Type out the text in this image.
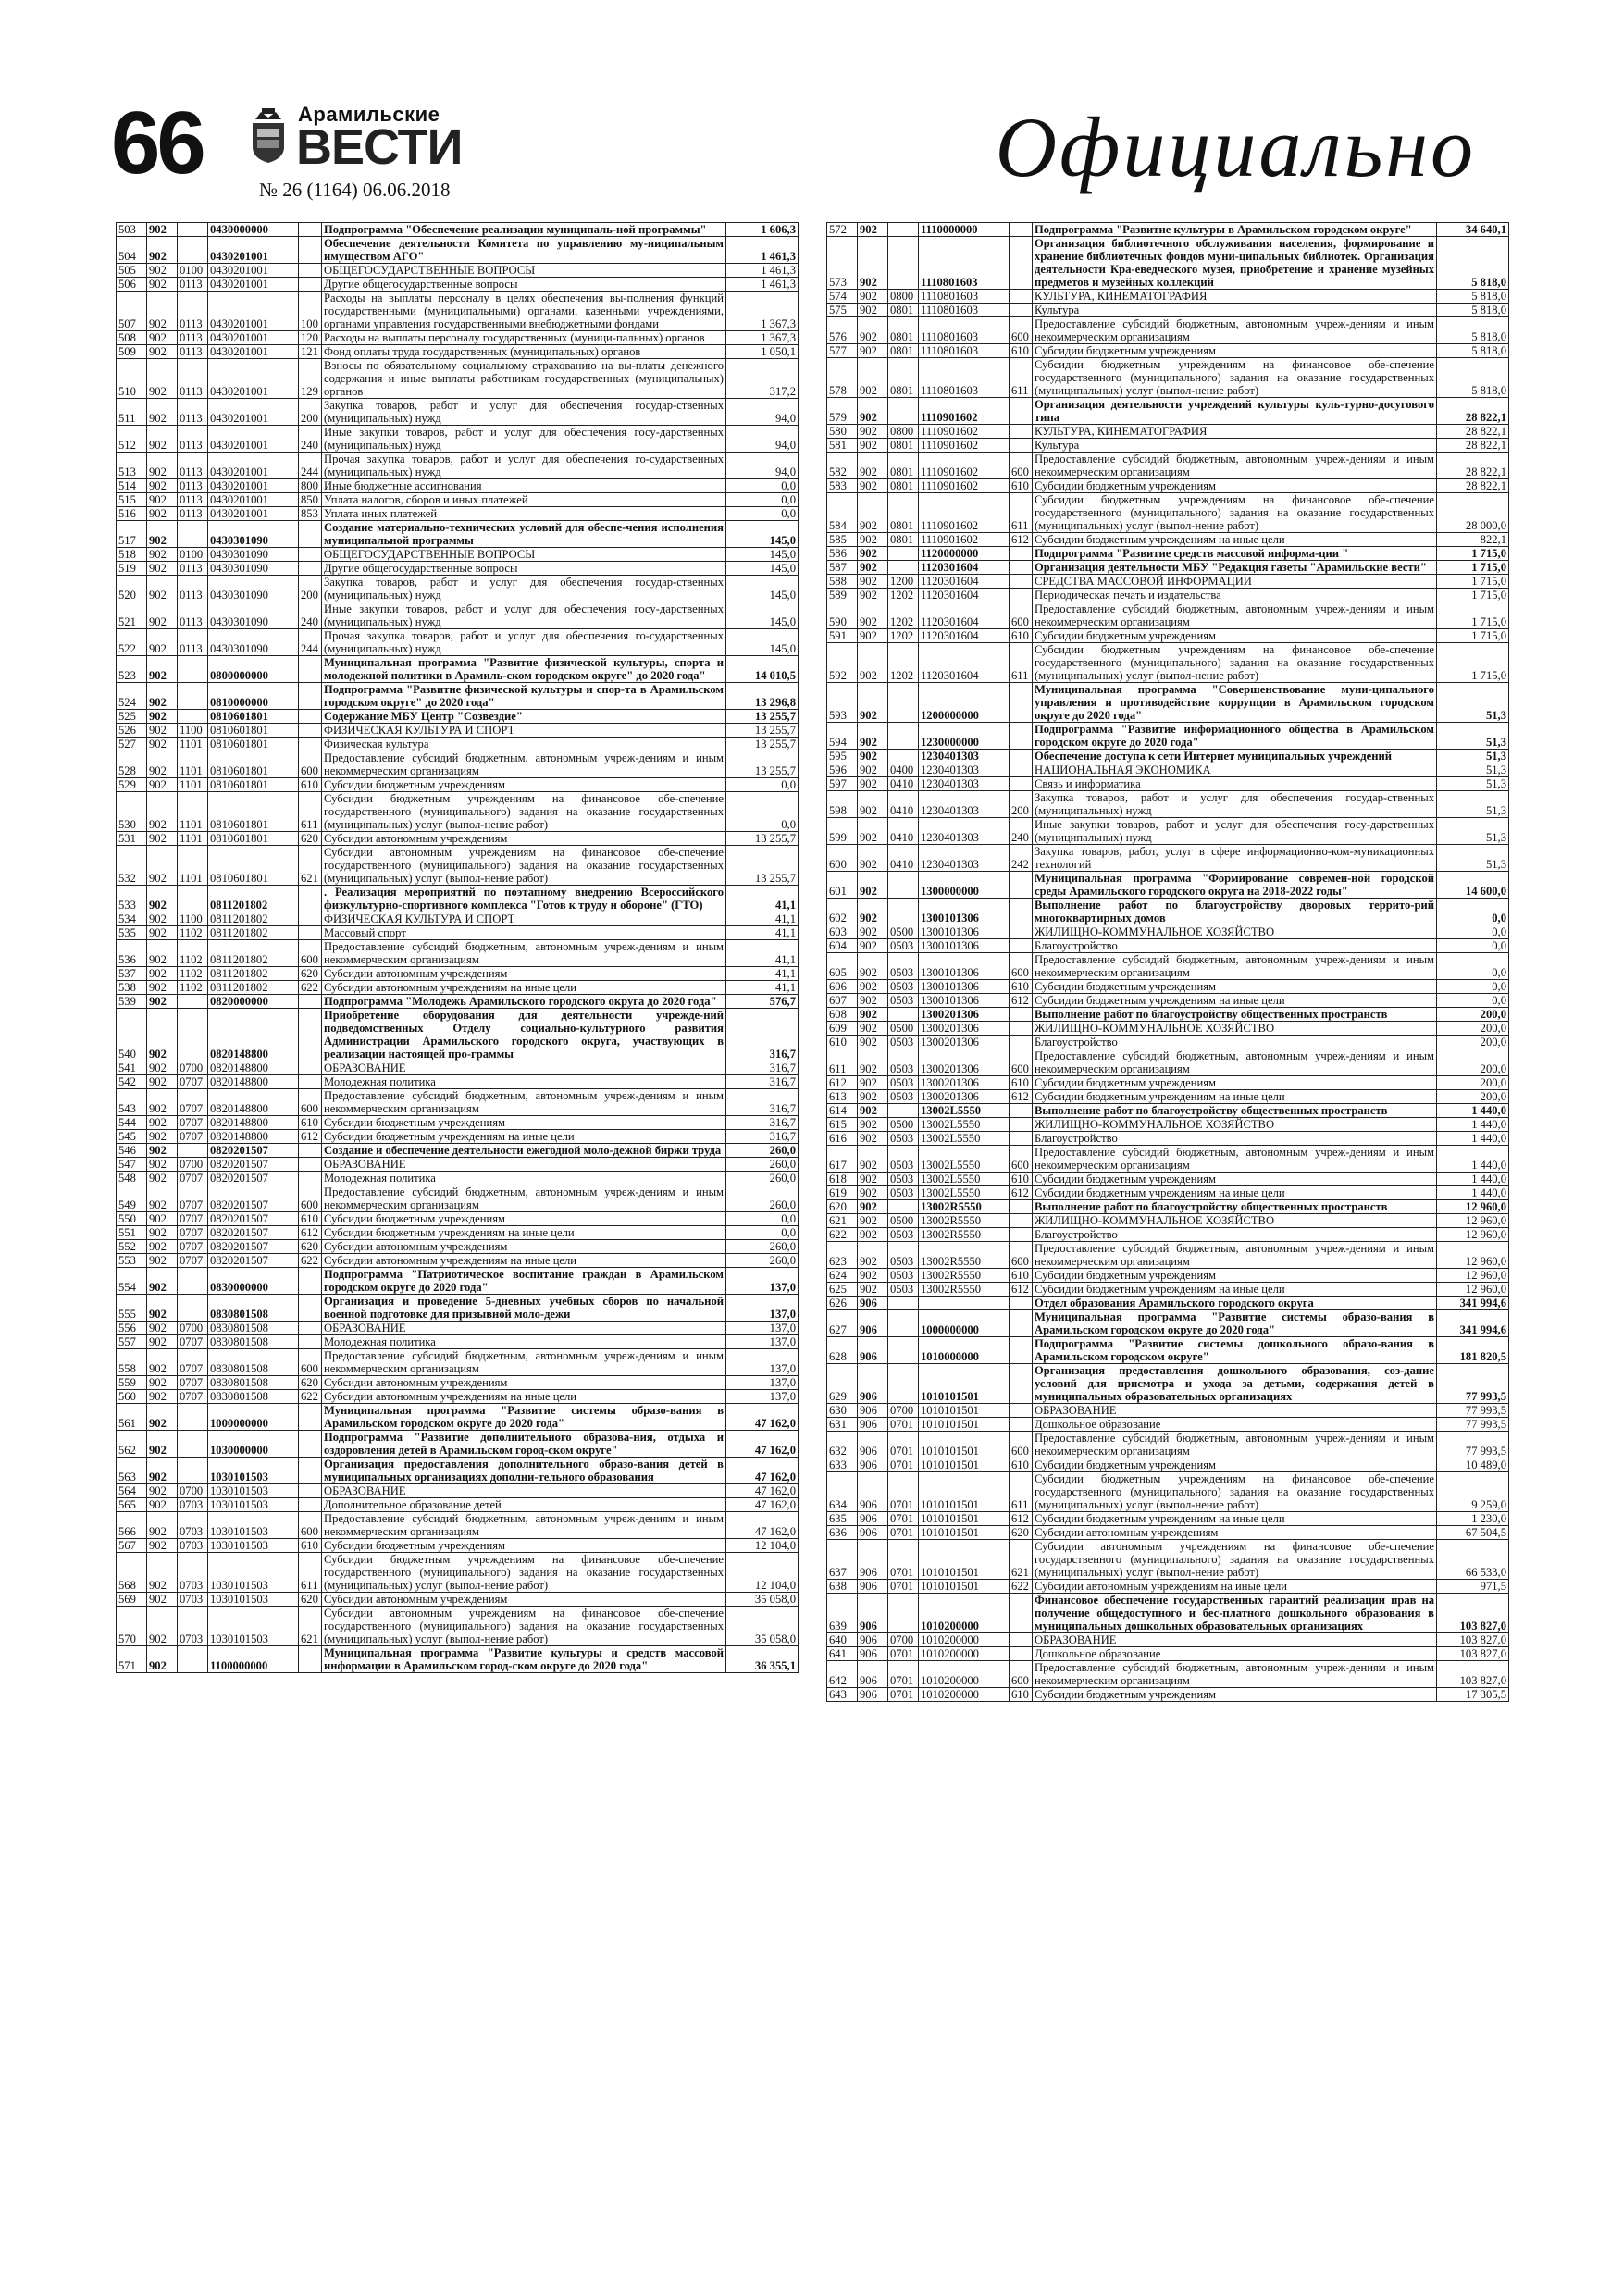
66	Арамильские
ВЕСТИ
№ 26 (1164) 06.06.2018	Официально
503	902		0430000000		Подпрограмма "Обеспечение реализации муниципаль-ной программы"	1 606,3
504	902		0430201001		Обеспечение деятельности Комитета по управлению му-ниципальным имуществом АГО"	1 461,3
505	902	0100	0430201001		ОБЩЕГОСУДАРСТВЕННЫЕ ВОПРОСЫ	1 461,3
506	902	0113	0430201001		Другие общегосударственные вопросы	1 461,3
507	902	0113	0430201001	100	Расходы на выплаты персоналу в целях обеспечения вы-полнения функций государственными (муниципальными) органами, казенными учреждениями, органами управления государственными внебюджетными фондами	1 367,3
508	902	0113	0430201001	120	Расходы на выплаты персоналу государственных (муници-пальных) органов	1 367,3
509	902	0113	0430201001	121	Фонд оплаты труда государственных (муниципальных) органов	1 050,1
510	902	0113	0430201001	129	Взносы по обязательному социальному страхованию на вы-платы денежного содержания и иные выплаты работникам государственных (муниципальных) органов	317,2
511	902	0113	0430201001	200	Закупка товаров, работ и услуг для обеспечения государ-ственных (муниципальных) нужд	94,0
512	902	0113	0430201001	240	Иные закупки товаров, работ и услуг для обеспечения госу-дарственных (муниципальных) нужд	94,0
513	902	0113	0430201001	244	Прочая закупка товаров, работ и услуг для обеспечения го-сударственных (муниципальных) нужд	94,0
514	902	0113	0430201001	800	Иные бюджетные ассигнования	0,0
515	902	0113	0430201001	850	Уплата налогов, сборов и иных платежей	0,0
516	902	0113	0430201001	853	Уплата иных платежей	0,0
517	902		0430301090		Создание материально-технических условий для обеспе-чения исполнения муниципальной программы	145,0
518	902	0100	0430301090		ОБЩЕГОСУДАРСТВЕННЫЕ ВОПРОСЫ	145,0
519	902	0113	0430301090		Другие общегосударственные вопросы	145,0
520	902	0113	0430301090	200	Закупка товаров, работ и услуг для обеспечения государ-ственных (муниципальных) нужд	145,0
521	902	0113	0430301090	240	Иные закупки товаров, работ и услуг для обеспечения госу-дарственных (муниципальных) нужд	145,0
522	902	0113	0430301090	244	Прочая закупка товаров, работ и услуг для обеспечения го-сударственных (муниципальных) нужд	145,0
523	902		0800000000		Муниципальная программа "Развитие физической культуры, спорта и молодежной политики в Арамиль-ском городском округе" до 2020 года"	14 010,5
524	902		0810000000		Подпрограмма "Развитие физической культуры и спор-та в Арамильском городском округе" до 2020 года"	13 296,8
525	902		0810601801		Содержание МБУ Центр "Созвездие"	13 255,7
526	902	1100	0810601801		ФИЗИЧЕСКАЯ КУЛЬТУРА И СПОРТ	13 255,7
527	902	1101	0810601801		Физическая культура	13 255,7
528	902	1101	0810601801	600	Предоставление субсидий бюджетным, автономным учреж-дениям и иным некоммерческим организациям	13 255,7
529	902	1101	0810601801	610	Субсидии бюджетным учреждениям	0,0
530	902	1101	0810601801	611	Субсидии бюджетным учреждениям на финансовое обе-спечение государственного (муниципального) задания на оказание государственных (муниципальных) услуг (выпол-нение работ)	0,0
531	902	1101	0810601801	620	Субсидии автономным учреждениям	13 255,7
532	902	1101	0810601801	621	Субсидии автономным учреждениям на финансовое обе-спечение государственного (муниципального) задания на оказание государственных (муниципальных) услуг (выпол-нение работ)	13 255,7
533	902		0811201802		. Реализация мероприятий по поэтапному внедрению Всероссийского физкультурно-спортивного комплекса "Готов к труду и обороне" (ГТО)	41,1
534	902	1100	0811201802		ФИЗИЧЕСКАЯ КУЛЬТУРА И СПОРТ	41,1
535	902	1102	0811201802		Массовый спорт	41,1
536	902	1102	0811201802	600	Предоставление субсидий бюджетным, автономным учреж-дениям и иным некоммерческим организациям	41,1
537	902	1102	0811201802	620	Субсидии автономным учреждениям	41,1
538	902	1102	0811201802	622	Субсидии автономным учреждениям на иные цели	41,1
539	902		0820000000		Подпрограмма "Молодежь Арамильского городского округа до 2020 года"	576,7
540	902		0820148800		Приобретение оборудования для деятельности учрежде-ний подведомственных Отделу социально-культурного развития Администрации Арамильского городского округа, участвующих в реализации настоящей про-граммы	316,7
541	902	0700	0820148800		ОБРАЗОВАНИЕ	316,7
542	902	0707	0820148800		Молодежная политика	316,7
543	902	0707	0820148800	600	Предоставление субсидий бюджетным, автономным учреж-дениям и иным некоммерческим организациям	316,7
544	902	0707	0820148800	610	Субсидии бюджетным учреждениям	316,7
545	902	0707	0820148800	612	Субсидии бюджетным учреждениям на иные цели	316,7
546	902		0820201507		Создание и обеспечение деятельности ежегодной моло-дежной биржи труда	260,0
547	902	0700	0820201507		ОБРАЗОВАНИЕ	260,0
548	902	0707	0820201507		Молодежная политика	260,0
549	902	0707	0820201507	600	Предоставление субсидий бюджетным, автономным учреж-дениям и иным некоммерческим организациям	260,0
550	902	0707	0820201507	610	Субсидии бюджетным учреждениям	0,0
551	902	0707	0820201507	612	Субсидии бюджетным учреждениям на иные цели	0,0
552	902	0707	0820201507	620	Субсидии автономным учреждениям	260,0
553	902	0707	0820201507	622	Субсидии автономным учреждениям на иные цели	260,0
554	902		0830000000		Подпрограмма "Патриотическое воспитание граждан в Арамильском городском округе до 2020 года"	137,0
555	902		0830801508		Организация и проведение 5-дневных учебных сборов по начальной военной подготовке для призывной моло-дежи	137,0
556	902	0700	0830801508		ОБРАЗОВАНИЕ	137,0
557	902	0707	0830801508		Молодежная политика	137,0
558	902	0707	0830801508	600	Предоставление субсидий бюджетным, автономным учреж-дениям и иным некоммерческим организациям	137,0
559	902	0707	0830801508	620	Субсидии автономным учреждениям	137,0
560	902	0707	0830801508	622	Субсидии автономным учреждениям на иные цели	137,0
561	902		1000000000		Муниципальная программа "Развитие системы образо-вания в Арамильском городском округе до 2020 года"	47 162,0
562	902		1030000000		Подпрограмма "Развитие дополнительного образова-ния, отдыха и оздоровления детей в Арамильском город-ском округе"	47 162,0
563	902		1030101503		Организация предоставления дополнительного образо-вания детей в муниципальных организациях дополни-тельного образования	47 162,0
564	902	0700	1030101503		ОБРАЗОВАНИЕ	47 162,0
565	902	0703	1030101503		Дополнительное образование детей	47 162,0
566	902	0703	1030101503	600	Предоставление субсидий бюджетным, автономным учреж-дениям и иным некоммерческим организациям	47 162,0
567	902	0703	1030101503	610	Субсидии бюджетным учреждениям	12 104,0
568	902	0703	1030101503	611	Субсидии бюджетным учреждениям на финансовое обе-спечение государственного (муниципального) задания на оказание государственных (муниципальных) услуг (выпол-нение работ)	12 104,0
569	902	0703	1030101503	620	Субсидии автономным учреждениям	35 058,0
570	902	0703	1030101503	621	Субсидии автономным учреждениям на финансовое обе-спечение государственного (муниципального) задания на оказание государственных (муниципальных) услуг (выпол-нение работ)	35 058,0
571	902		1100000000		Муниципальная программа "Развитие культуры и средств массовой информации в Арамильском город-ском округе до 2020 года"	36 355,1
572	902		1110000000		Подпрограмма "Развитие культуры в Арамильском городском округе"	34 640,1
573	902		1110801603		Организация библиотечного обслуживания населения, формирование и хранение библиотечных фондов муни-ципальных библиотек. Организация деятельности Кра-еведческого музея, приобретение и хранение музейных предметов и музейных коллекций	5 818,0
574	902	0800	1110801603		КУЛЬТУРА, КИНЕМАТОГРАФИЯ	5 818,0
575	902	0801	1110801603		Культура	5 818,0
576	902	0801	1110801603	600	Предоставление субсидий бюджетным, автономным учреж-дениям и иным некоммерческим организациям	5 818,0
577	902	0801	1110801603	610	Субсидии бюджетным учреждениям	5 818,0
578	902	0801	1110801603	611	Субсидии бюджетным учреждениям на финансовое обе-спечение государственного (муниципального) задания на оказание государственных (муниципальных) услуг (выпол-нение работ)	5 818,0
579	902		1110901602		Организация деятельности учреждений культуры куль-турно-досугового типа	28 822,1
580	902	0800	1110901602		КУЛЬТУРА, КИНЕМАТОГРАФИЯ	28 822,1
581	902	0801	1110901602		Культура	28 822,1
582	902	0801	1110901602	600	Предоставление субсидий бюджетным, автономным учреж-дениям и иным некоммерческим организациям	28 822,1
583	902	0801	1110901602	610	Субсидии бюджетным учреждениям	28 822,1
584	902	0801	1110901602	611	Субсидии бюджетным учреждениям на финансовое обе-спечение государственного (муниципального) задания на оказание государственных (муниципальных) услуг (выпол-нение работ)	28 000,0
585	902	0801	1110901602	612	Субсидии бюджетным учреждениям на иные цели	822,1
586	902		1120000000		Подпрограмма "Развитие средств массовой информа-ции "	1 715,0
587	902		1120301604		Организация деятельности МБУ "Редакция газеты "Арамильские вести"	1 715,0
588	902	1200	1120301604		СРЕДСТВА МАССОВОЙ ИНФОРМАЦИИ	1 715,0
589	902	1202	1120301604		Периодическая печать и издательства	1 715,0
590	902	1202	1120301604	600	Предоставление субсидий бюджетным, автономным учреж-дениям и иным некоммерческим организациям	1 715,0
591	902	1202	1120301604	610	Субсидии бюджетным учреждениям	1 715,0
592	902	1202	1120301604	611	Субсидии бюджетным учреждениям на финансовое обе-спечение государственного (муниципального) задания на оказание государственных (муниципальных) услуг (выпол-нение работ)	1 715,0
593	902		1200000000		Муниципальная программа "Совершенствование муни-ципального управления и противодействие коррупции в Арамильском городском округе до 2020 года"	51,3
594	902		1230000000		Подпрограмма "Развитие информационного общества в Арамильском городском округе до 2020 года"	51,3
595	902		1230401303		Обеспечение доступа к сети Интернет муниципальных учреждений	51,3
596	902	0400	1230401303		НАЦИОНАЛЬНАЯ ЭКОНОМИКА	51,3
597	902	0410	1230401303		Связь и информатика	51,3
598	902	0410	1230401303	200	Закупка товаров, работ и услуг для обеспечения государ-ственных (муниципальных) нужд	51,3
599	902	0410	1230401303	240	Иные закупки товаров, работ и услуг для обеспечения госу-дарственных (муниципальных) нужд	51,3
600	902	0410	1230401303	242	Закупка товаров, работ, услуг в сфере информационно-ком-муникационных технологий	51,3
601	902		1300000000		Муниципальная программа "Формирование современ-ной городской среды Арамильского городского округа на 2018-2022 годы"	14 600,0
602	902		1300101306		Выполнение работ по благоустройству дворовых террито-рий многоквартирных домов	0,0
603	902	0500	1300101306		ЖИЛИЩНО-КОММУНАЛЬНОЕ ХОЗЯЙСТВО	0,0
604	902	0503	1300101306		Благоустройство	0,0
605	902	0503	1300101306	600	Предоставление субсидий бюджетным, автономным учреж-дениям и иным некоммерческим организациям	0,0
606	902	0503	1300101306	610	Субсидии бюджетным учреждениям	0,0
607	902	0503	1300101306	612	Субсидии бюджетным учреждениям на иные цели	0,0
608	902		1300201306		Выполнение работ по благоустройству общественных пространств	200,0
609	902	0500	1300201306		ЖИЛИЩНО-КОММУНАЛЬНОЕ ХОЗЯЙСТВО	200,0
610	902	0503	1300201306		Благоустройство	200,0
611	902	0503	1300201306	600	Предоставление субсидий бюджетным, автономным учреж-дениям и иным некоммерческим организациям	200,0
612	902	0503	1300201306	610	Субсидии бюджетным учреждениям	200,0
613	902	0503	1300201306	612	Субсидии бюджетным учреждениям на иные цели	200,0
614	902		13002L5550		Выполнение работ по благоустройству общественных пространств	1 440,0
615	902	0500	13002L5550		ЖИЛИЩНО-КОММУНАЛЬНОЕ ХОЗЯЙСТВО	1 440,0
616	902	0503	13002L5550		Благоустройство	1 440,0
617	902	0503	13002L5550	600	Предоставление субсидий бюджетным, автономным учреж-дениям и иным некоммерческим организациям	1 440,0
618	902	0503	13002L5550	610	Субсидии бюджетным учреждениям	1 440,0
619	902	0503	13002L5550	612	Субсидии бюджетным учреждениям на иные цели	1 440,0
620	902		13002R5550		Выполнение работ по благоустройству общественных пространств	12 960,0
621	902	0500	13002R5550		ЖИЛИЩНО-КОММУНАЛЬНОЕ ХОЗЯЙСТВО	12 960,0
622	902	0503	13002R5550		Благоустройство	12 960,0
623	902	0503	13002R5550	600	Предоставление субсидий бюджетным, автономным учреж-дениям и иным некоммерческим организациям	12 960,0
624	902	0503	13002R5550	610	Субсидии бюджетным учреждениям	12 960,0
625	902	0503	13002R5550	612	Субсидии бюджетным учреждениям на иные цели	12 960,0
626	906				Отдел образования Арамильского городского округа	341 994,6
627	906		1000000000		Муниципальная программа "Развитие системы образо-вания в Арамильском городском округе до 2020 года"	341 994,6
628	906		1010000000		Подпрограмма "Развитие системы дошкольного образо-вания в Арамильском городском округе"	181 820,5
629	906		1010101501		Организация предоставления дошкольного образования, соз-дание условий для присмотра и ухода за детьми, содержания детей в муниципальных образовательных организациях	77 993,5
630	906	0700	1010101501		ОБРАЗОВАНИЕ	77 993,5
631	906	0701	1010101501		Дошкольное образование	77 993,5
632	906	0701	1010101501	600	Предоставление субсидий бюджетным, автономным учреж-дениям и иным некоммерческим организациям	77 993,5
633	906	0701	1010101501	610	Субсидии бюджетным учреждениям	10 489,0
634	906	0701	1010101501	611	Субсидии бюджетным учреждениям на финансовое обе-спечение государственного (муниципального) задания на оказание государственных (муниципальных) услуг (выпол-нение работ)	9 259,0
635	906	0701	1010101501	612	Субсидии бюджетным учреждениям на иные цели	1 230,0
636	906	0701	1010101501	620	Субсидии автономным учреждениям	67 504,5
637	906	0701	1010101501	621	Субсидии автономным учреждениям на финансовое обе-спечение государственного (муниципального) задания на оказание государственных (муниципальных) услуг (выпол-нение работ)	66 533,0
638	906	0701	1010101501	622	Субсидии автономным учреждениям на иные цели	971,5
639	906		1010200000		Финансовое обеспечение государственных гарантий реализации прав на получение общедоступного и бес-платного дошкольного образования в муниципальных дошкольных образовательных организациях	103 827,0
640	906	0700	1010200000		ОБРАЗОВАНИЕ	103 827,0
641	906	0701	1010200000		Дошкольное образование	103 827,0
642	906	0701	1010200000	600	Предоставление субсидий бюджетным, автономным учреж-дениям и иным некоммерческим организациям	103 827,0
643	906	0701	1010200000	610	Субсидии бюджетным учреждениям	17 305,5
